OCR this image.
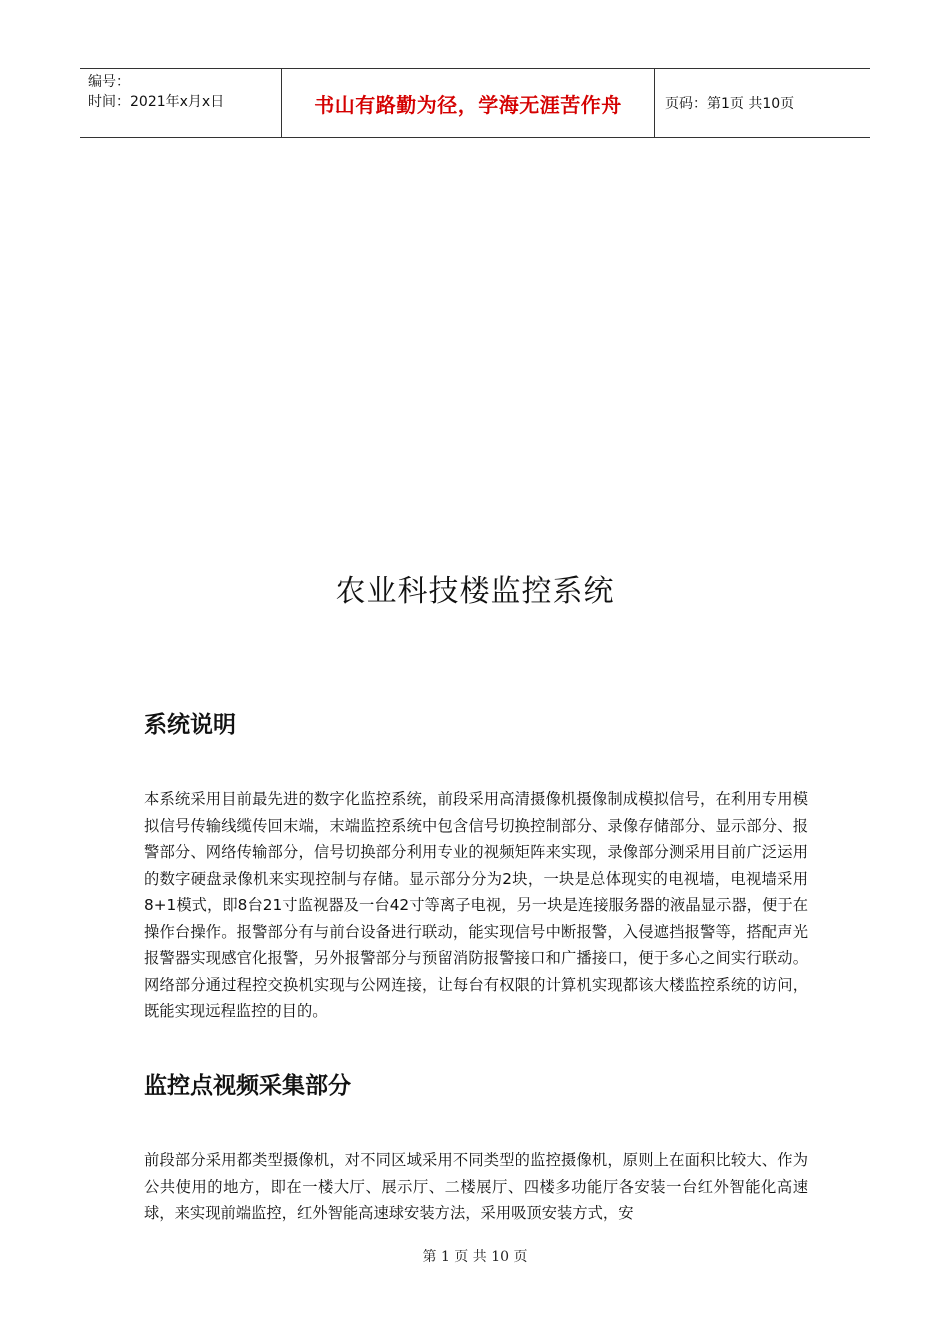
编号：
时间：2021年x月x日	书山有路勤为径，学海无涯苦作舟	页码：第1页 共10页
农业科技楼监控系统
系统说明

本系统采用目前最先进的数字化监控系统，前段采用高清摄像机摄像制成模拟信号，在利用专用模拟信号传输线缆传回末端，末端监控系统中包含信号切换控制部分、录像存储部分、显示部分、报警部分、网络传输部分，信号切换部分利用专业的视频矩阵来实现，录像部分测采用目前广泛运用的数字硬盘录像机来实现控制与存储。显示部分分为2块，一块是总体现实的电视墙，电视墙采用8+1模式，即8台21寸监视器及一台42寸等离子电视，另一块是连接服务器的液晶显示器，便于在操作台操作。报警部分有与前台设备进行联动，能实现信号中断报警，入侵遮挡报警等，搭配声光报警器实现感官化报警，另外报警部分与预留消防报警接口和广播接口，便于多心之间实行联动。网络部分通过程控交换机实现与公网连接，让每台有权限的计算机实现都该大楼监控系统的访问，既能实现远程监控的目的。

监控点视频采集部分

前段部分采用都类型摄像机，对不同区域采用不同类型的监控摄像机，原则上在面积比较大、作为公共使用的地方，即在一楼大厅、展示厅、二楼展厅、四楼多功能厅各安装一台红外智能化高速球，来实现前端监控，红外智能高速球安装方法，采用吸顶安装方式，安

第 1 页 共 10 页
